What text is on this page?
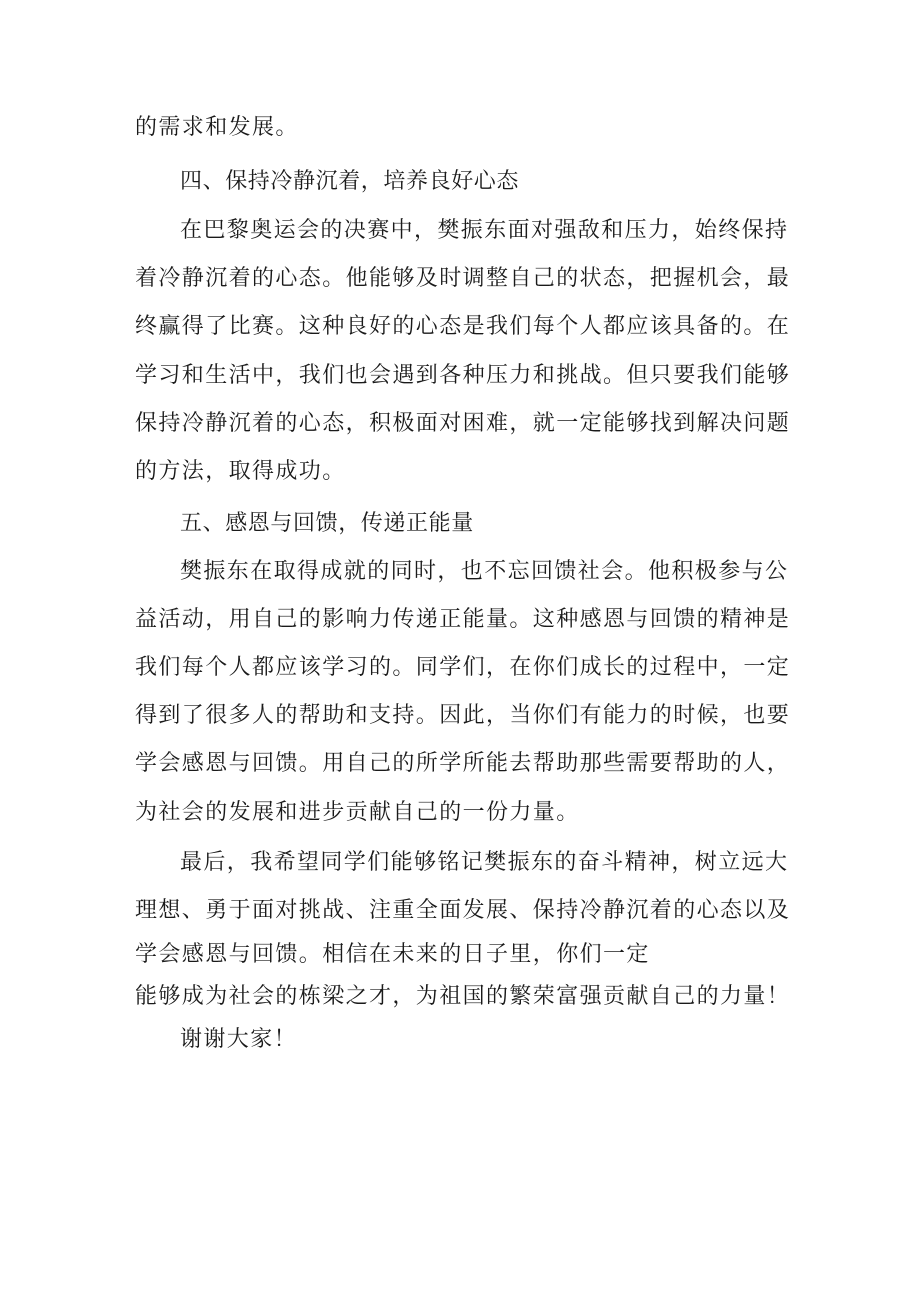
的需求和发展。
四、保持冷静沉着，培养良好心态
在巴黎奥运会的决赛中，樊振东面对强敌和压力，始终保持
着冷静沉着的心态。他能够及时调整自己的状态，把握机会，最
终赢得了比赛。这种良好的心态是我们每个人都应该具备的。在
学习和生活中，我们也会遇到各种压力和挑战。但只要我们能够
保持冷静沉着的心态，积极面对困难，就一定能够找到解决问题
的方法，取得成功。
五、感恩与回馈，传递正能量
樊振东在取得成就的同时，也不忘回馈社会。他积极参与公
益活动，用自己的影响力传递正能量。这种感恩与回馈的精神是
我们每个人都应该学习的。同学们，在你们成长的过程中，一定
得到了很多人的帮助和支持。因此，当你们有能力的时候，也要
学会感恩与回馈。用自己的所学所能去帮助那些需要帮助的人，
为社会的发展和进步贡献自己的一份力量。
最后，我希望同学们能够铭记樊振东的奋斗精神，树立远大
理想、勇于面对挑战、注重全面发展、保持冷静沉着的心态以及
学会感恩与回馈。相信在未来的日子里，你们一定
能够成为社会的栋梁之才，为祖国的繁荣富强贡献自己的力量！
谢谢大家！
